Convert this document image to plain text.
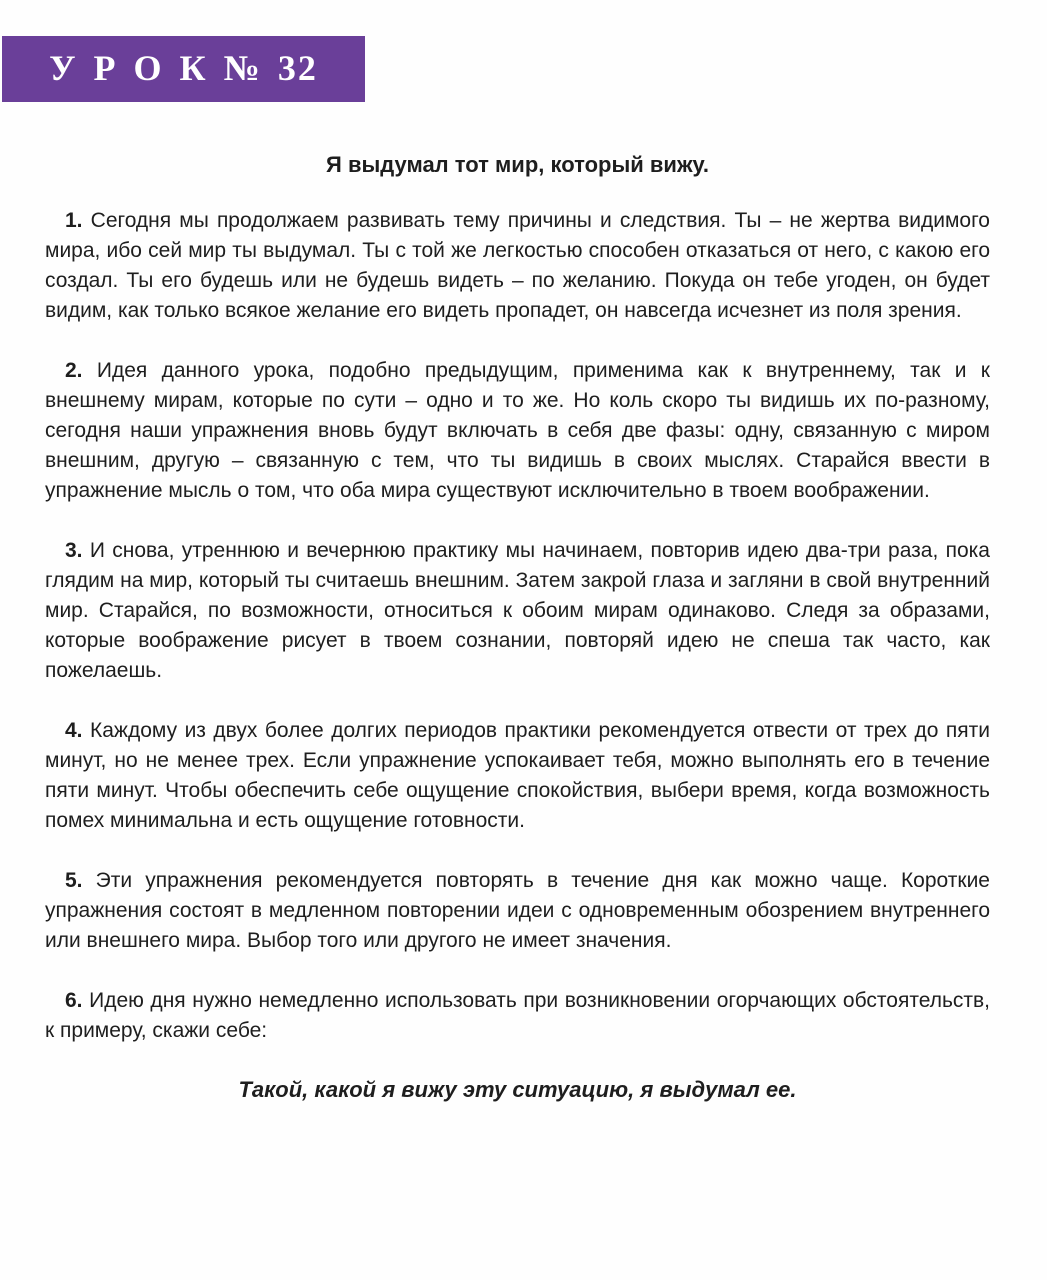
У Р О К № 32
Я выдумал тот мир, который вижу.

1. Сегодня мы продолжаем развивать тему причины и следствия. Ты – не жертва видимого мира, ибо сей мир ты выдумал. Ты с той же легкостью способен отказаться от него, с какою его создал. Ты его будешь или не будешь видеть – по желанию. Покуда он тебе угоден, он будет видим, как только всякое желание его видеть пропадет, он навсегда исчезнет из поля зрения.

2. Идея данного урока, подобно предыдущим, применима как к внутреннему, так и к внешнему мирам, которые по сути – одно и то же. Но коль скоро ты видишь их по-разному, сегодня наши упражнения вновь будут включать в себя две фазы: одну, связанную с миром внешним, другую – связанную с тем, что ты видишь в своих мыслях. Старайся ввести в упражнение мысль о том, что оба мира существуют исключительно в твоем воображении.

3. И снова, утреннюю и вечернюю практику мы начинаем, повторив идею два-три раза, пока глядим на мир, который ты считаешь внешним. Затем закрой глаза и загляни в свой внутренний мир. Старайся, по возможности, относиться к обоим мирам одинаково. Следя за образами, которые воображение рисует в твоем сознании, повторяй идею не спеша так часто, как пожелаешь.

4. Каждому из двух более долгих периодов практики рекомендуется отвести от трех до пяти минут, но не менее трех. Если упражнение успокаивает тебя, можно выполнять его в течение пяти минут. Чтобы обеспечить себе ощущение спокойствия, выбери время, когда возможность помех минимальна и есть ощущение готовности.

5. Эти упражнения рекомендуется повторять в течение дня как можно чаще. Короткие упражнения состоят в медленном повторении идеи с одновременным обозрением внутреннего или внешнего мира. Выбор того или другого не имеет значения.

6. Идею дня нужно немедленно использовать при возникновении огорчающих обстоятельств, к примеру, скажи себе:

Такой, какой я вижу эту ситуацию, я выдумал ее.
